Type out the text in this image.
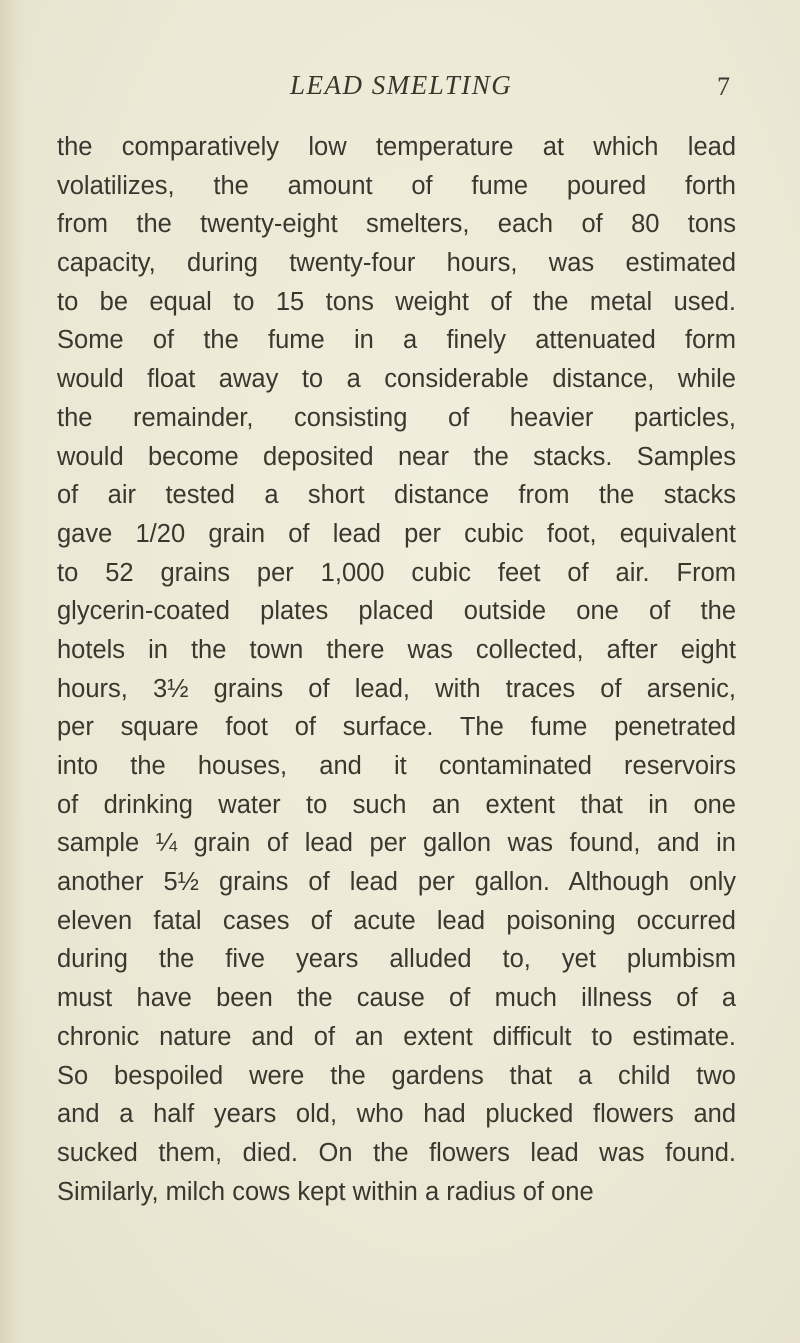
LEAD SMELTING	7
the comparatively low temperature at which lead
volatilizes, the amount of fume poured forth
from the twenty-eight smelters, each of 80 tons
capacity, during twenty-four hours, was estimated
to be equal to 15 tons weight of the metal used.
Some of the fume in a finely attenuated form
would float away to a considerable distance, while
the remainder, consisting of heavier particles,
would become deposited near the stacks. Samples
of air tested a short distance from the stacks
gave 1/20 grain of lead per cubic foot, equivalent
to 52 grains per 1,000 cubic feet of air. From
glycerin-coated plates placed outside one of the
hotels in the town there was collected, after eight
hours, 3½ grains of lead, with traces of arsenic,
per square foot of surface. The fume penetrated
into the houses, and it contaminated reservoirs
of drinking water to such an extent that in one
sample ¼ grain of lead per gallon was found, and in
another 5½ grains of lead per gallon. Although only
eleven fatal cases of acute lead poisoning occurred
during the five years alluded to, yet plumbism
must have been the cause of much illness of a
chronic nature and of an extent difficult to estimate.
So bespoiled were the gardens that a child two
and a half years old, who had plucked flowers and
sucked them, died. On the flowers lead was found.
Similarly, milch cows kept within a radius of one
